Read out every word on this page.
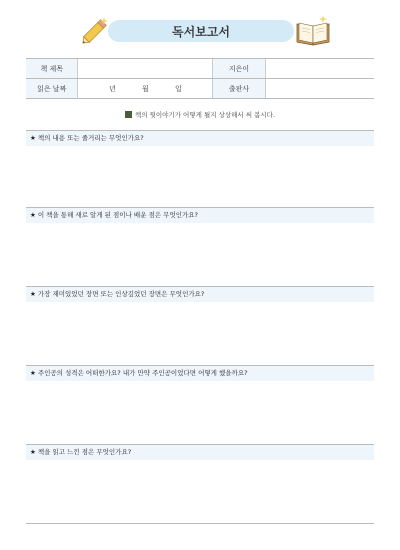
독서보고서
책 제목		지은이	
읽은 날짜	년 월 일	출판사	
책의 뒷이야기가 어떻게 될지 상상해서 써 봅시다.
★ 책의 내용 또는 줄거리는 무엇인가요?
★ 이 책을 통해 새로 알게 된 점이나 배운 점은 무엇인가요?
★ 가장 재미있었던 장면 또는 인상깊었던 장면은 무엇인가요?
★ 주인공의 성격은 어떠한가요? 내가 만약 주인공이었다면 어떻게 했을까요?
★ 책을 읽고 느낀 점은 무엇인가요?
